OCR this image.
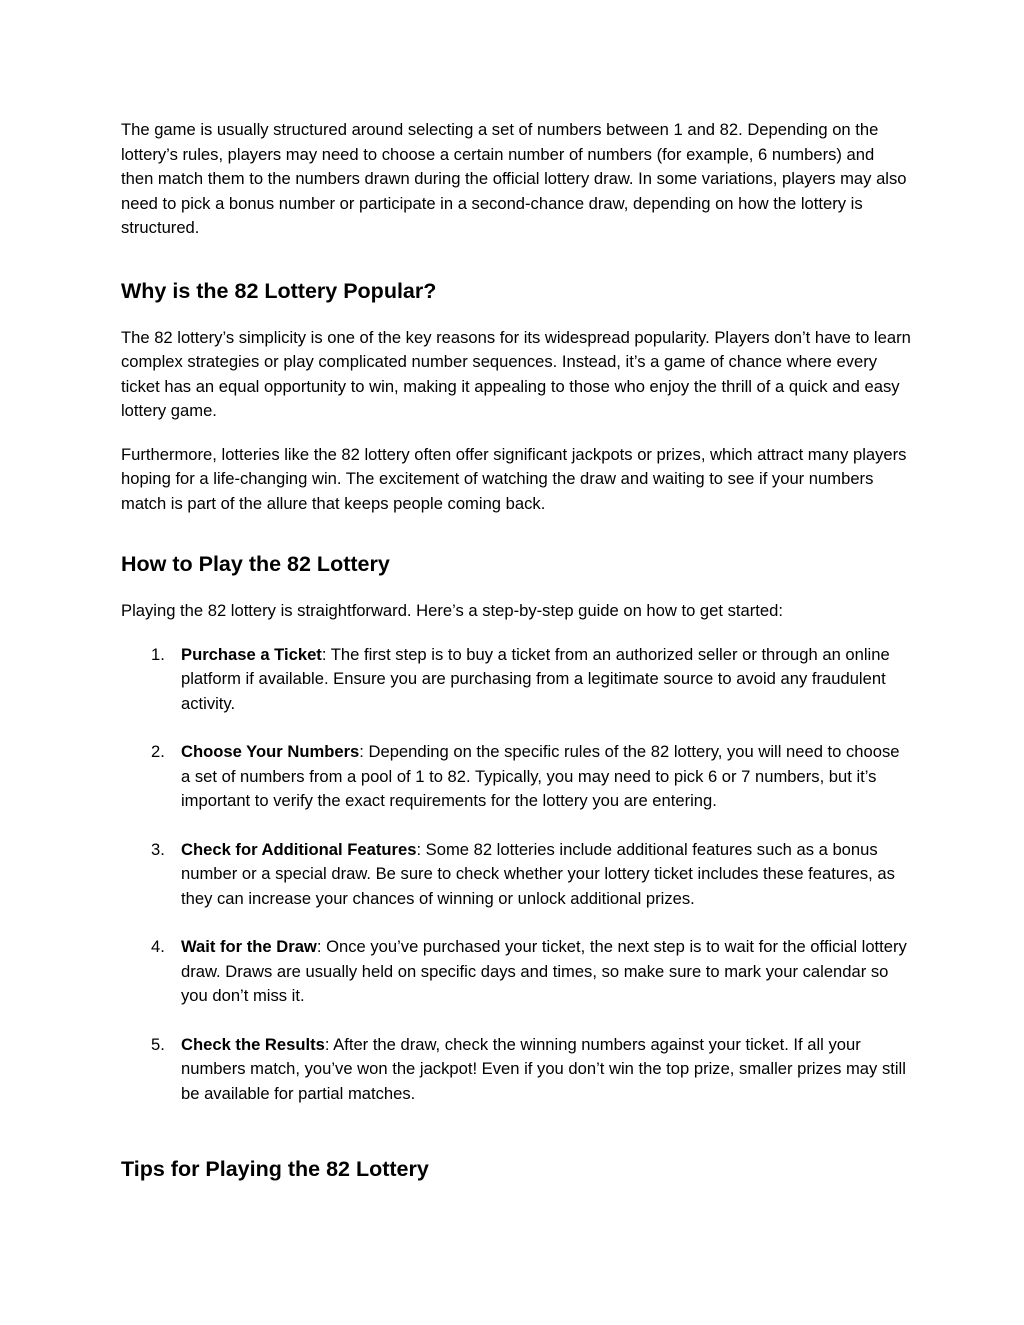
The game is usually structured around selecting a set of numbers between 1 and 82. Depending on the lottery’s rules, players may need to choose a certain number of numbers (for example, 6 numbers) and then match them to the numbers drawn during the official lottery draw. In some variations, players may also need to pick a bonus number or participate in a second-chance draw, depending on how the lottery is structured.

Why is the 82 Lottery Popular?

The 82 lottery’s simplicity is one of the key reasons for its widespread popularity. Players don’t have to learn complex strategies or play complicated number sequences. Instead, it’s a game of chance where every ticket has an equal opportunity to win, making it appealing to those who enjoy the thrill of a quick and easy lottery game.

Furthermore, lotteries like the 82 lottery often offer significant jackpots or prizes, which attract many players hoping for a life-changing win. The excitement of watching the draw and waiting to see if your numbers match is part of the allure that keeps people coming back.

How to Play the 82 Lottery

Playing the 82 lottery is straightforward. Here’s a step-by-step guide on how to get started:

1. Purchase a Ticket: The first step is to buy a ticket from an authorized seller or through an online platform if available. Ensure you are purchasing from a legitimate source to avoid any fraudulent activity.
2. Choose Your Numbers: Depending on the specific rules of the 82 lottery, you will need to choose a set of numbers from a pool of 1 to 82. Typically, you may need to pick 6 or 7 numbers, but it’s important to verify the exact requirements for the lottery you are entering.
3. Check for Additional Features: Some 82 lotteries include additional features such as a bonus number or a special draw. Be sure to check whether your lottery ticket includes these features, as they can increase your chances of winning or unlock additional prizes.
4. Wait for the Draw: Once you’ve purchased your ticket, the next step is to wait for the official lottery draw. Draws are usually held on specific days and times, so make sure to mark your calendar so you don’t miss it.
5. Check the Results: After the draw, check the winning numbers against your ticket. If all your numbers match, you’ve won the jackpot! Even if you don’t win the top prize, smaller prizes may still be available for partial matches.
Tips for Playing the 82 Lottery
